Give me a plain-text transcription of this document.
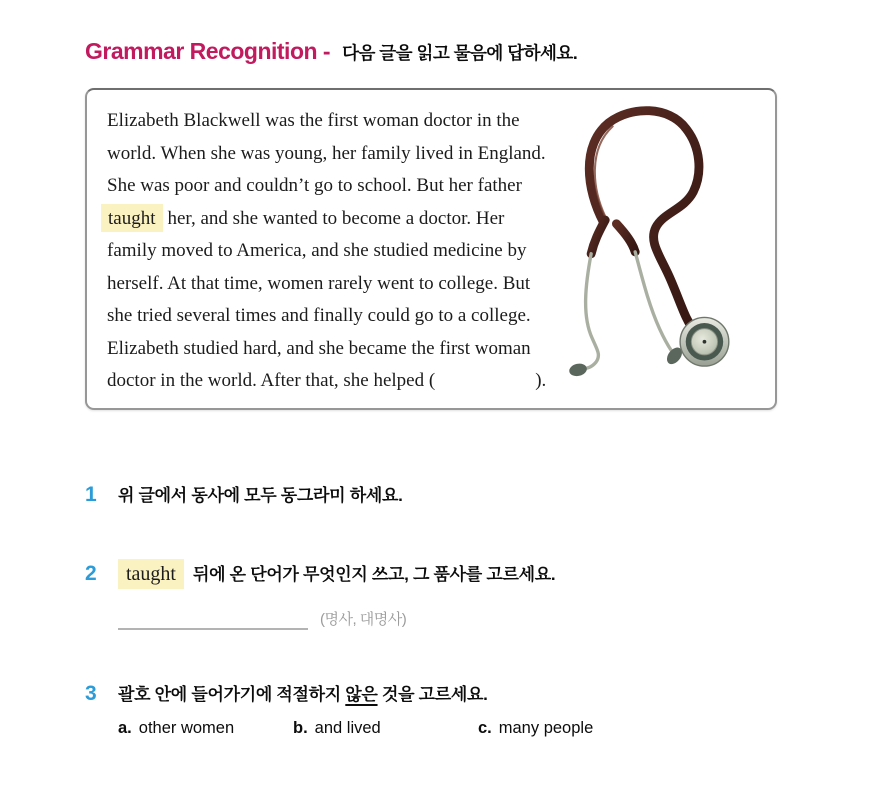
Grammar Recognition - 다음 글을 읽고 물음에 답하세요.
Elizabeth Blackwell was the first woman doctor in the
world. When she was young, her family lived in England.
She was poor and couldn’t go to school. But her father
taught her, and she wanted to become a doctor. Her
family moved to America, and she studied medicine by
herself. At that time, women rarely went to college. But
she tried several times and finally could go to a college.
Elizabeth studied hard, and she became the first woman
doctor in the world. After that, she helped (	).
1	위 글에서 동사에 모두 동그라미 하세요.
2	taught	뒤에 온 단어가 무엇인지 쓰고, 그 품사를 고르세요.
(명사, 대명사)
3	괄호 안에 들어가기에 적절하지 않은 것을 고르세요.
a. other women	b. and lived	c. many people
